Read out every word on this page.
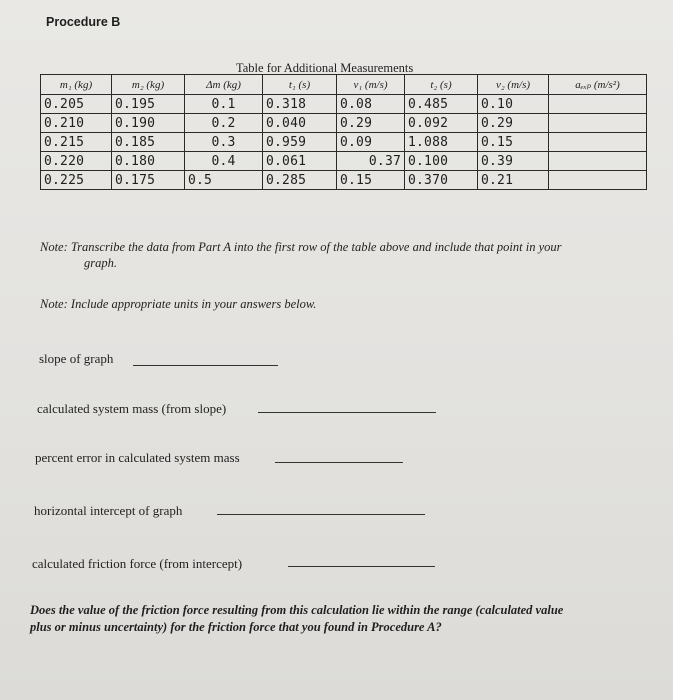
Procedure B
Table for Additional Measurements
m₁ (kg)	m₂ (kg)	Δm (kg)	t₁ (s)	v₁ (m/s)	t₂ (s)	v₂ (m/s)	aₑₓₚ (m/s²)
0.205	0.195	0.1	0.318	0.08	0.485	0.10	
0.210	0.190	0.2	0.040	0.29	0.092	0.29	
0.215	0.185	0.3	0.959	0.09	1.088	0.15	
0.220	0.180	0.4	0.061	0.37	0.100	0.39	
0.225	0.175	0.5	0.285	0.15	0.370	0.21	
Note: Transcribe the data from Part A into the first row of the table above and include that point in your
graph.
Note: Include appropriate units in your answers below.
slope of graph
calculated system mass (from slope)
percent error in calculated system mass
horizontal intercept of graph
calculated friction force (from intercept)
Does the value of the friction force resulting from this calculation lie within the range (calculated value
plus or minus uncertainty) for the friction force that you found in Procedure A?
